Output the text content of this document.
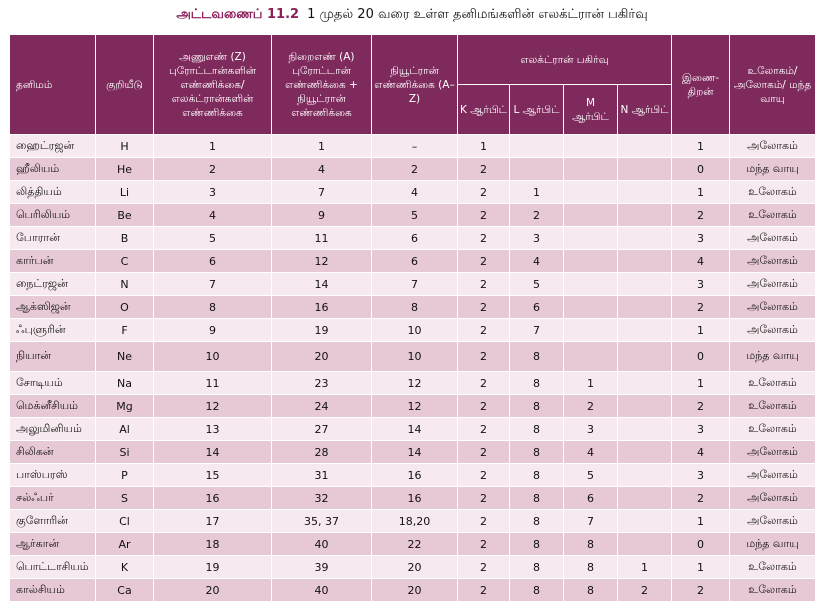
அட்டவணைப் 11.2 1 முதல் 20 வரை உள்ள தனிமங்களின் எலக்ட்ரான் பகிர்வு
தனிமம்	குறியீடு	அணுஎண் (Z) புரோட்டான்களின் எண்ணிக்கை/ எலக்ட்ரான்களின் எண்ணிக்கை	நிறைஎண் (A) புரோட்டான் எண்ணிக்கை + நியூட்ரான் எண்ணிக்கை	நியூட்ரான் எண்ணிக்கை (A–Z)	எலக்ட்ரான் பகிர்வு				இணை- திறன்	உலோகம்/ அலோகம்/ மந்த வாயு
					K ஆர்பிட்	L ஆர்பிட்	M ஆர்பிட்	N ஆர்பிட்		
ஹைட்ரஜன்	H	1	1	–	1				1	அலோகம்
ஹீலியம்	He	2	4	2	2				0	மந்த வாயு
லித்தியம்	Li	3	7	4	2	1			1	உலோகம்
பெரிலியம்	Be	4	9	5	2	2			2	உலோகம்
போரான்	B	5	11	6	2	3			3	அலோகம்
கார்பன்	C	6	12	6	2	4			4	அலோகம்
நைட்ரஜன்	N	7	14	7	2	5			3	அலோகம்
ஆக்ஸிஜன்	O	8	16	8	2	6			2	அலோகம்
ஃபுளுரின்	F	9	19	10	2	7			1	அலோகம்
நியான்	Ne	10	20	10	2	8			0	மந்த வாயு
சோடியம்	Na	11	23	12	2	8	1		1	உலோகம்
மெக்னீசியம்	Mg	12	24	12	2	8	2		2	உலோகம்
அலுமினியம்	Al	13	27	14	2	8	3		3	உலோகம்
சிலிகன்	Si	14	28	14	2	8	4		4	அலோகம்
பாஸ்பரஸ்	P	15	31	16	2	8	5		3	அலோகம்
சல்ஃபர்	S	16	32	16	2	8	6		2	அலோகம்
குளோரின்	Cl	17	35, 37	18,20	2	8	7		1	அலோகம்
ஆர்கான்	Ar	18	40	22	2	8	8		0	மந்த வாயு
பொட்டாசியம்	K	19	39	20	2	8	8	1	1	உலோகம்
கால்சியம்	Ca	20	40	20	2	8	8	2	2	உலோகம்
